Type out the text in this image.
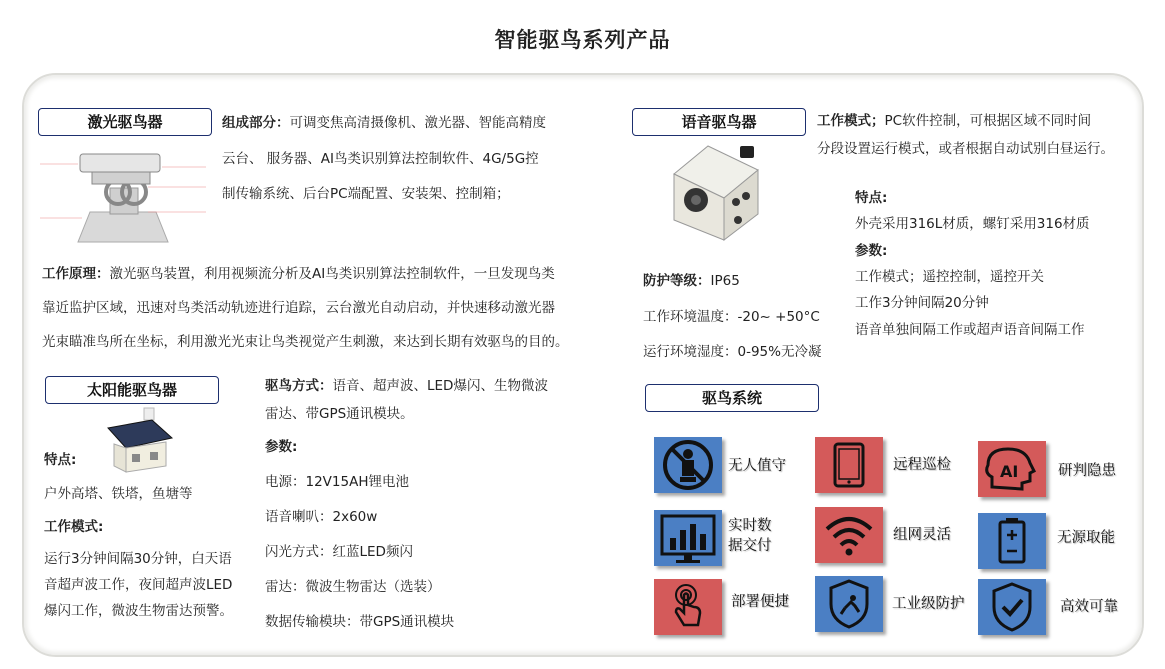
智能驱鸟系列产品
激光驱鸟器	组成部分：可调变焦高清摄像机、激光器、智能高精度
云台、 服务器、AI鸟类识别算法控制软件、4G/5G控
制传输系统、后台PC端配置、安装架、控制箱；
工作原理：激光驱鸟装置，利用视频流分析及AI鸟类识别算法控制软件，一旦发现鸟类
靠近监护区域，迅速对鸟类活动轨迹进行追踪，云台激光自动启动，并快速移动激光器
光束瞄准鸟所在坐标，利用激光光束让鸟类视觉产生刺激，来达到长期有效驱鸟的目的。
太阳能驱鸟器
特点:
户外高塔、铁塔，鱼塘等
工作模式:
运行3分钟间隔30分钟，白天语
音超声波工作，夜间超声波LED
爆闪工作，微波生物雷达预警。
驱鸟方式：语音、超声波、LED爆闪、生物微波
雷达、带GPS通讯模块。
参数:
电源：12V15AH锂电池
语音喇叭：2x60w
闪光方式：红蓝LED频闪
雷达：微波生物雷达（选装）
数据传输模块：带GPS通讯模块
语音驱鸟器	工作模式；PC软件控制，可根据区域不同时间
分段设置运行模式，或者根据自动试别白昼运行。
特点:
外壳采用316L材质，螺钉采用316材质
参数:
工作模式；遥控控制，遥控开关
工作3分钟间隔20分钟
语音单独间隔工作或超声语音间隔工作
防护等级：IP65
工作环境温度：-20~ +50°C
运行环境湿度：0-95%无冷凝
驱鸟系统
无人值守	远程巡检	AI	研判隐患
实时数
据交付
组网灵活	无源取能
部署便捷	工业级防护	高效可靠
